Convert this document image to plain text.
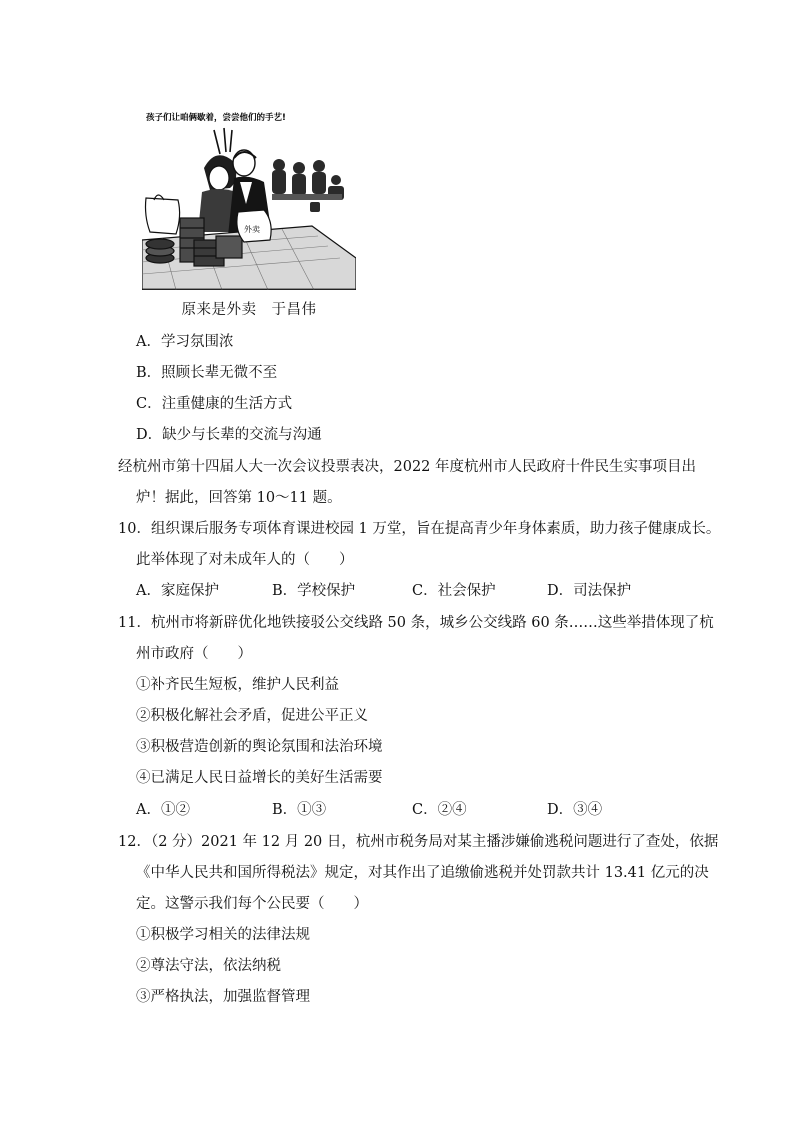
孩子们让咱俩歇着，尝尝他们的手艺!
外卖
原来是外卖　于昌伟
A．学习氛围浓
B．照顾长辈无微不至
C．注重健康的生活方式
D．缺少与长辈的交流与沟通
经杭州市第十四届人大一次会议投票表决，2022 年度杭州市人民政府十件民生实事项目出
炉！据此，回答第 10～11 题。
10．组织课后服务专项体育课进校园 1 万堂，旨在提高青少年身体素质，助力孩子健康成长。
此举体现了对未成年人的（　　）
A．家庭保护	B．学校保护	C．社会保护	D．司法保护
11．杭州市将新辟优化地铁接驳公交线路 50 条，城乡公交线路 60 条……这些举措体现了杭
州市政府（　　）
①补齐民生短板，维护人民利益
②积极化解社会矛盾，促进公平正义
③积极营造创新的舆论氛围和法治环境
④已满足人民日益增长的美好生活需要
A．①②	B．①③	C．②④	D．③④
12．（2 分）2021 年 12 月 20 日，杭州市税务局对某主播涉嫌偷逃税问题进行了查处，依据
《中华人民共和国所得税法》规定，对其作出了追缴偷逃税并处罚款共计 13.41 亿元的决
定。这警示我们每个公民要（　　）
①积极学习相关的法律法规
②尊法守法，依法纳税
③严格执法，加强监督管理
